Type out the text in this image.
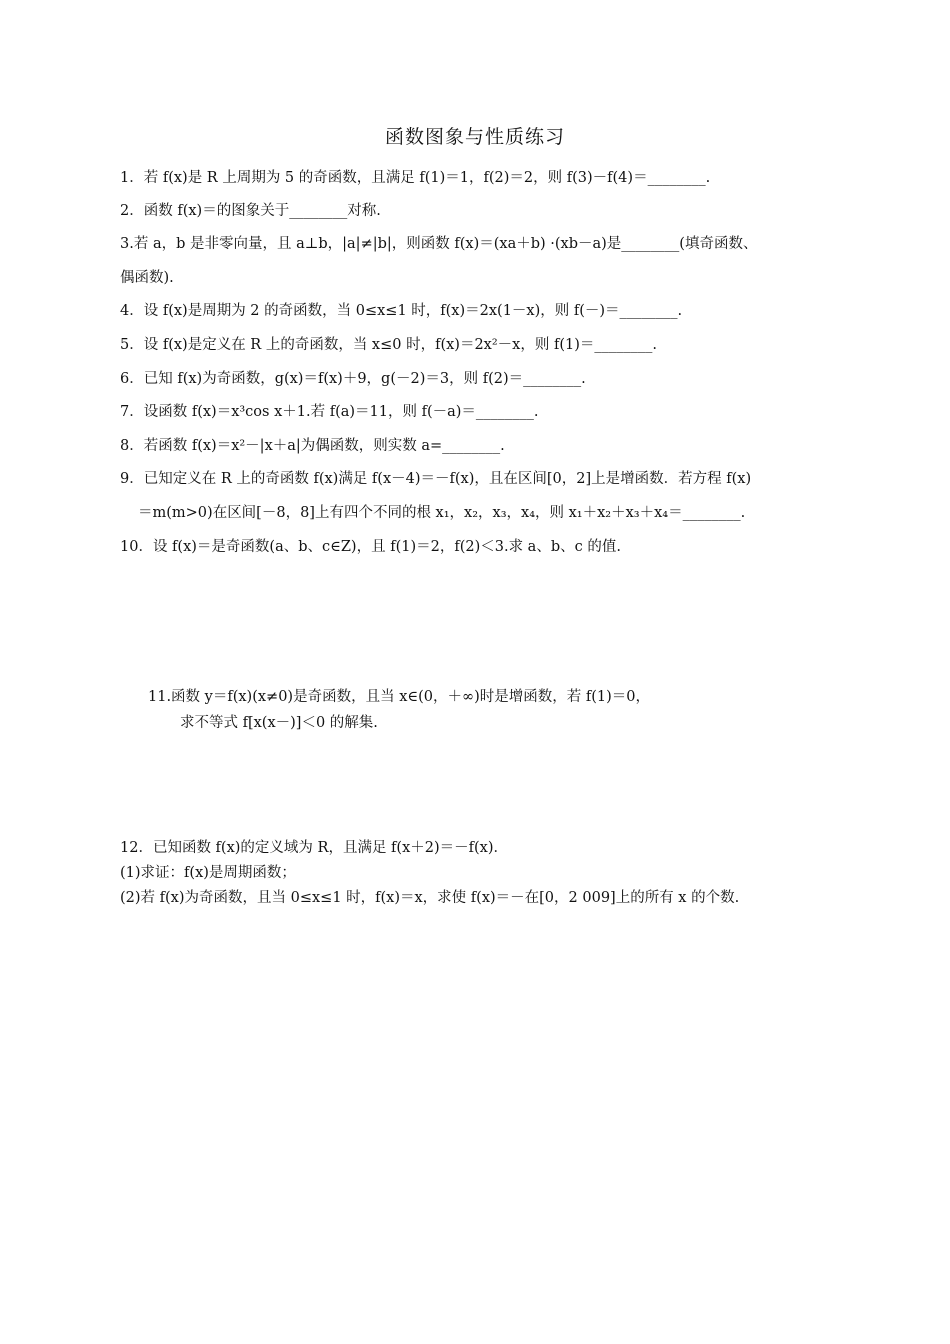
函数图象与性质练习
1．若 f(x)是 R 上周期为 5 的奇函数，且满足 f(1)＝1，f(2)＝2，则 f(3)－f(4)＝________.
2．函数 f(x)＝的图象关于________对称.
3.若 a，b 是非零向量，且 a⊥b，|a|≠|b|，则函数 f(x)＝(xa＋b) ·(xb－a)是________(填奇函数、
偶函数).
4．设 f(x)是周期为 2 的奇函数，当 0≤x≤1 时，f(x)＝2x(1－x)，则 f(－)＝________.
5．设 f(x)是定义在 R 上的奇函数，当 x≤0 时，f(x)＝2x²－x，则 f(1)＝________.
6．已知 f(x)为奇函数，g(x)＝f(x)＋9，g(－2)＝3，则 f(2)＝________.
7．设函数 f(x)＝x³cos x＋1.若 f(a)＝11，则 f(－a)＝________.
8．若函数 f(x)＝x²－|x＋a|为偶函数，则实数 a=________.
9．已知定义在 R 上的奇函数 f(x)满足 f(x－4)＝－f(x)，且在区间[0，2]上是增函数．若方程 f(x)
＝m(m>0)在区间[－8，8]上有四个不同的根 x₁，x₂，x₃，x₄，则 x₁＋x₂＋x₃＋x₄＝________.
10．设 f(x)＝是奇函数(a、b、c∈Z)，且 f(1)＝2，f(2)＜3.求 a、b、c 的值.
11.函数 y＝f(x)(x≠0)是奇函数，且当 x∈(0，＋∞)时是增函数，若 f(1)＝0，
求不等式 f[x(x－)]＜0 的解集.
12．已知函数 f(x)的定义域为 R，且满足 f(x＋2)＝－f(x)．
(1)求证：f(x)是周期函数；
(2)若 f(x)为奇函数，且当 0≤x≤1 时，f(x)＝x，求使 f(x)＝－在[0，2 009]上的所有 x 的个数.
